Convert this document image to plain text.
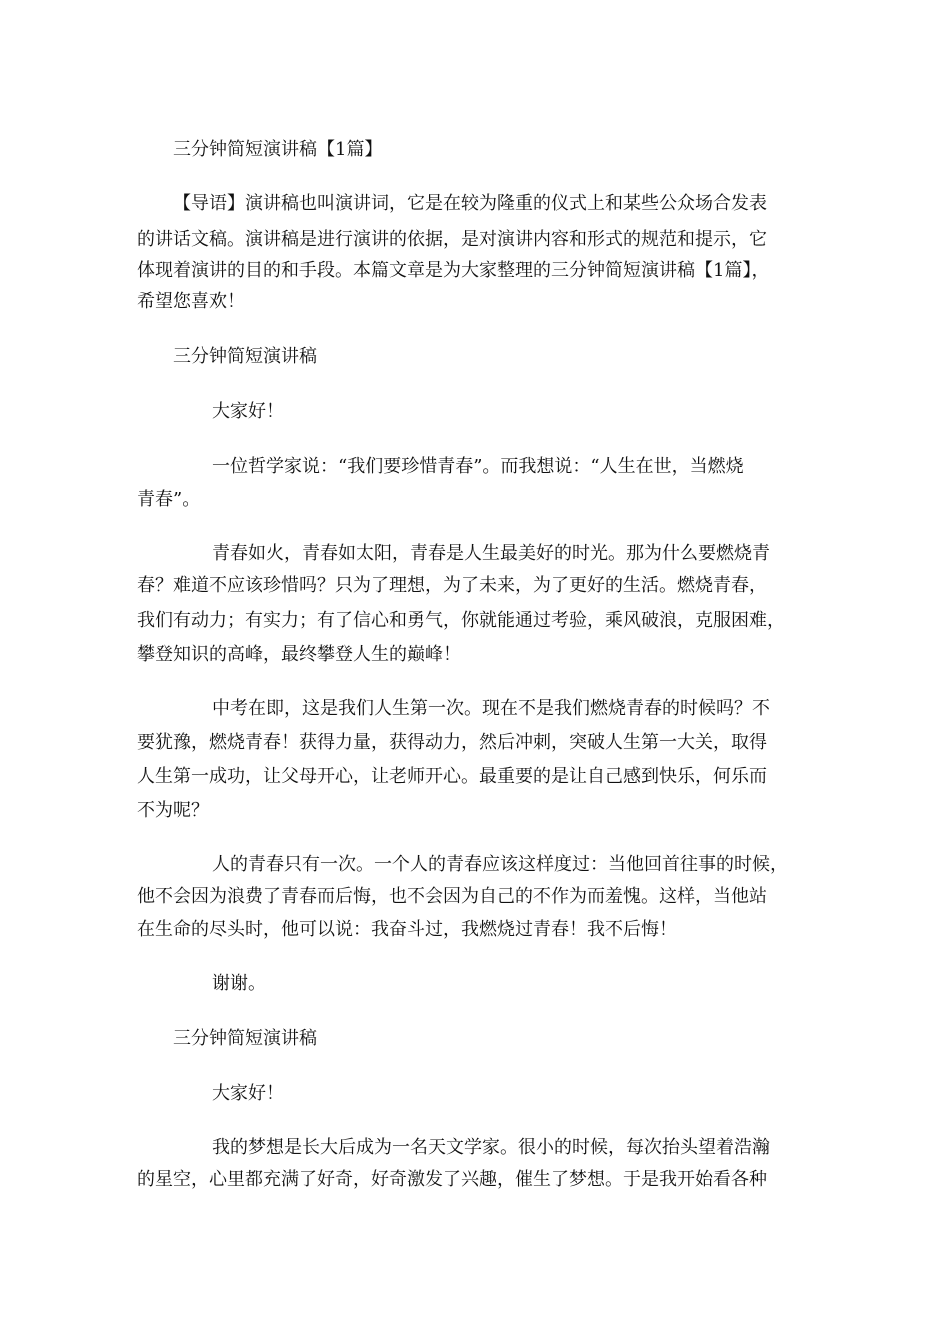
三分钟简短演讲稿【1篇】
【导语】演讲稿也叫演讲词，它是在较为隆重的仪式上和某些公众场合发表
的讲话文稿。演讲稿是进行演讲的依据，是对演讲内容和形式的规范和提示，它
体现着演讲的目的和手段。本篇文章是为大家整理的三分钟简短演讲稿【1篇】，
希望您喜欢！
三分钟简短演讲稿
大家好！
一位哲学家说：“我们要珍惜青春”。而我想说：“人生在世，当燃烧
青春”。
青春如火，青春如太阳，青春是人生最美好的时光。那为什么要燃烧青
春？难道不应该珍惜吗？只为了理想，为了未来，为了更好的生活。燃烧青春，
我们有动力；有实力；有了信心和勇气，你就能通过考验，乘风破浪，克服困难，
攀登知识的高峰，最终攀登人生的巅峰！
中考在即，这是我们人生第一次。现在不是我们燃烧青春的时候吗？不
要犹豫，燃烧青春！获得力量，获得动力，然后冲刺，突破人生第一大关，取得
人生第一成功，让父母开心，让老师开心。最重要的是让自己感到快乐，何乐而
不为呢？
人的青春只有一次。一个人的青春应该这样度过：当他回首往事的时候，
他不会因为浪费了青春而后悔，也不会因为自己的不作为而羞愧。这样，当他站
在生命的尽头时，他可以说：我奋斗过，我燃烧过青春！我不后悔！
谢谢。
三分钟简短演讲稿
大家好！
我的梦想是长大后成为一名天文学家。很小的时候，每次抬头望着浩瀚
的星空，心里都充满了好奇，好奇激发了兴趣，催生了梦想。于是我开始看各种
